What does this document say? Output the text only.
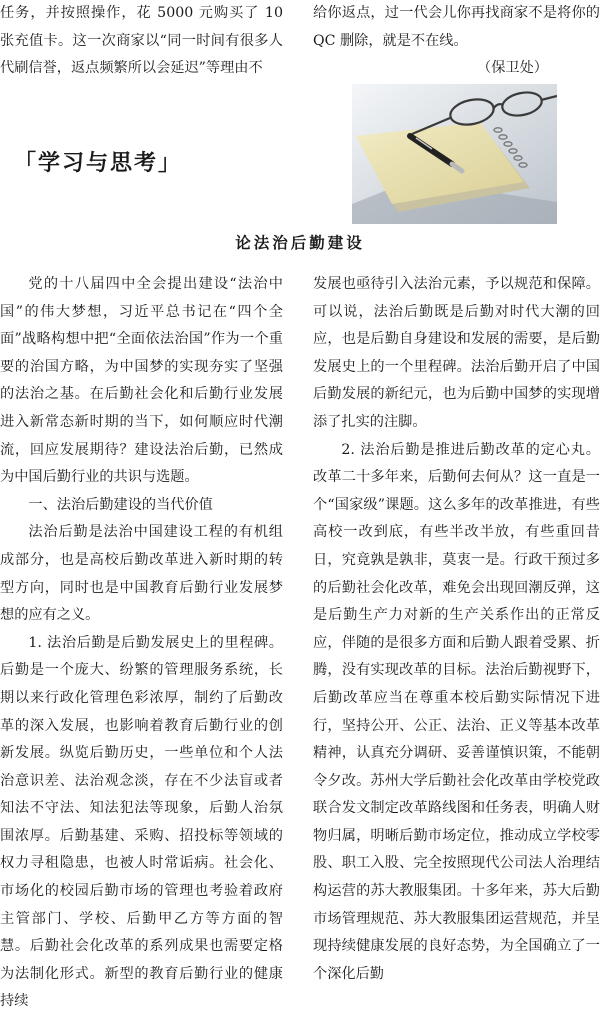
任务，并按照操作，花 5000 元购买了 10 张充值卡。这一次商家以“同一时间有很多人代刷信誉，返点频繁所以会延迟”等理由不

给你返点，过一代会儿你再找商家不是将你的 QC 删除，就是不在线。

（保卫处）

「学习与思考」
论法治后勤建设

党的十八届四中全会提出建设“法治中国”的伟大梦想，习近平总书记在“四个全面”战略构想中把“全面依法治国”作为一个重要的治国方略，为中国梦的实现夯实了坚强的法治之基。在后勤社会化和后勤行业发展进入新常态新时期的当下，如何顺应时代潮流，回应发展期待？建设法治后勤，已然成为中国后勤行业的共识与选题。

一、法治后勤建设的当代价值

法治后勤是法治中国建设工程的有机组成部分，也是高校后勤改革进入新时期的转型方向，同时也是中国教育后勤行业发展梦想的应有之义。

1. 法治后勤是后勤发展史上的里程碑。后勤是一个庞大、纷繁的管理服务系统，长期以来行政化管理色彩浓厚，制约了后勤改革的深入发展，也影响着教育后勤行业的创新发展。纵览后勤历史，一些单位和个人法治意识差、法治观念淡，存在不少法盲或者知法不守法、知法犯法等现象，后勤人治氛围浓厚。后勤基建、采购、招投标等领域的权力寻租隐患，也被人时常诟病。社会化、市场化的校园后勤市场的管理也考验着政府主管部门、学校、后勤甲乙方等方面的智慧。后勤社会化改革的系列成果也需要定格为法制化形式。新型的教育后勤行业的健康持续

发展也亟待引入法治元素，予以规范和保障。可以说，法治后勤既是后勤对时代大潮的回应，也是后勤自身建设和发展的需要，是后勤发展史上的一个里程碑。法治后勤开启了中国后勤发展的新纪元，也为后勤中国梦的实现增添了扎实的注脚。

2. 法治后勤是推进后勤改革的定心丸。改革二十多年来，后勤何去何从？这一直是一个“国家级”课题。这么多年的改革推进，有些高校一改到底，有些半改半放，有些重回昔日，究竟孰是孰非，莫衷一是。行政干预过多的后勤社会化改革，难免会出现回潮反弹，这是后勤生产力对新的生产关系作出的正常反应，伴随的是很多方面和后勤人跟着受累、折腾，没有实现改革的目标。法治后勤视野下，后勤改革应当在尊重本校后勤实际情况下进行，坚持公开、公正、法治、正义等基本改革精神，认真充分调研、妥善谨慎识策，不能朝令夕改。苏州大学后勤社会化改革由学校党政联合发文制定改革路线图和任务表，明确人财物归属，明晰后勤市场定位，推动成立学校零股、职工入股、完全按照现代公司法人治理结构运营的苏大教服集团。十多年来，苏大后勤市场管理规范、苏大教服集团运营规范，并呈现持续健康发展的良好态势，为全国确立了一个深化后勤
